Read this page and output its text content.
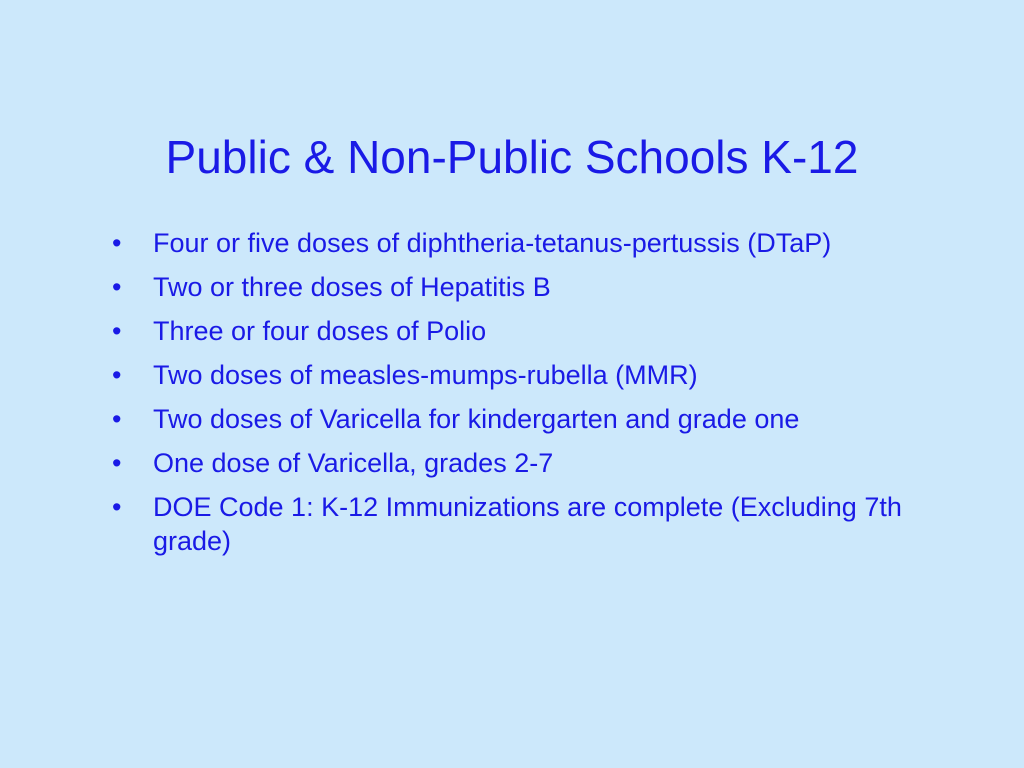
Public & Non-Public Schools K-12
•	Four or five doses of diphtheria-tetanus-pertussis (DTaP)
•	Two or three doses of Hepatitis B
•	Three or four doses of Polio
•	Two doses of measles-mumps-rubella (MMR)
•	Two doses of Varicella for kindergarten and grade one
•	One dose of Varicella, grades 2-7
•	DOE Code 1: K-12 Immunizations are complete (Excluding 7th grade)
